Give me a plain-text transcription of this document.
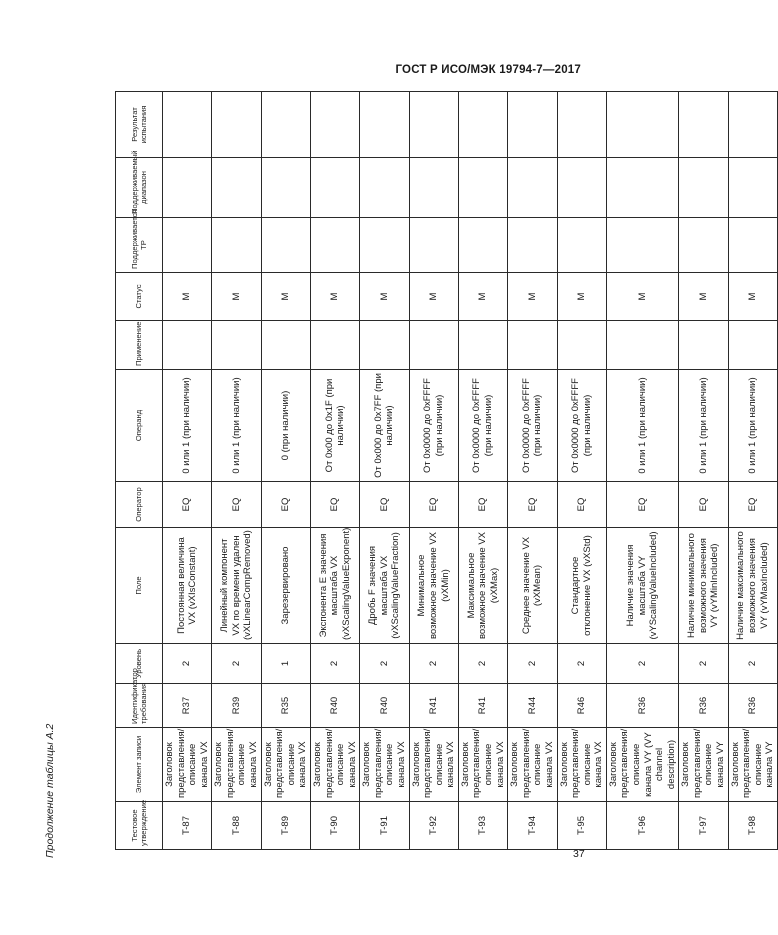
ГОСТ Р ИСО/МЭК 19794-7—2017
Продолжение таблицы А.2	Тестовое утверждение	Элемент записи	Идентификатор требования	Уровень	Поле	Оператор	Операнд	Применение	Статус	Поддерживается ТР	Поддерживаемый диапазон	Результат испытания
T-87	Заголовок представления/ описание канала VX	R37	2	Постоянная величина VX (vXIsConstant)	EQ	0 или 1 (при наличии)		M			
T-88	Заголовок представления/ описание канала VX	R39	2	Линейный компонент VX по времени удален (vXLinearCompRemoved)	EQ	0 или 1 (при наличии)		M			
T-89	Заголовок представления/ описание канала VX	R35	1	Зарезервировано	EQ	0 (при наличии)		M			
T-90	Заголовок представления/ описание канала VX	R40	2	Экспонента E значения масштаба VX (vXScalingValueExponent)	EQ	От 0x00 до 0x1F (при наличии)		M			
T-91	Заголовок представления/ описание канала VX	R40	2	Дробь F значения масштаба VX (vXScalingValueFraction)	EQ	От 0x000 до 0x7FF (при наличии)		M			
T-92	Заголовок представления/ описание канала VX	R41	2	Минимальное возможное значение VX (vXMin)	EQ	От 0x0000 до 0xFFFF (при наличии)		M			
T-93	Заголовок представления/ описание канала VX	R41	2	Максимальное возможное значение VX (vXMax)	EQ	От 0x0000 до 0xFFFF (при наличии)		M			
T-94	Заголовок представления/ описание канала VX	R44	2	Среднее значение VX (vXMean)	EQ	От 0x0000 до 0xFFFF (при наличии)		M			
T-95	Заголовок представления/ описание канала VX	R46	2	Стандартное отклонение VX (vXStd)	EQ	От 0x0000 до 0xFFFF (при наличии)		M			
T-96	Заголовок представления/ описание канала VY (VY channel description)	R36	2	Наличие значения масштаба VY (vYScalingValueIncluded)	EQ	0 или 1 (при наличии)		M			
T-97	Заголовок представления/ описание канала VY	R36	2	Наличие минимального возможного значения VY (vYMinIncluded)	EQ	0 или 1 (при наличии)		M			
T-98	Заголовок представления/ описание канала VY	R36	2	Наличие максимального возможного значения VY (vYMaxIncluded)	EQ	0 или 1 (при наличии)		M			
37
